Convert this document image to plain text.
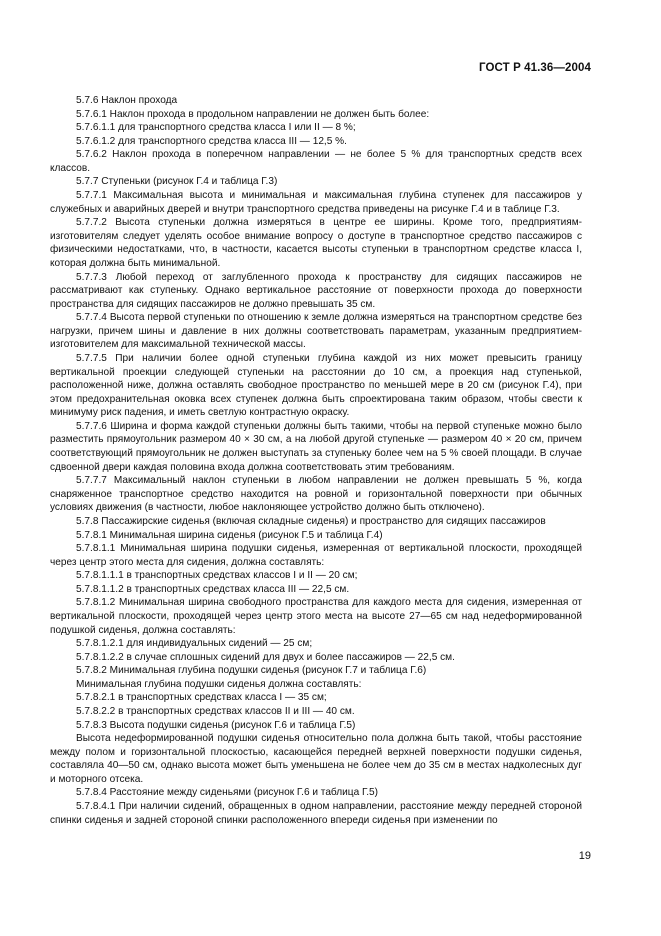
ГОСТ Р 41.36—2004

5.7.6 Наклон прохода

5.7.6.1 Наклон прохода в продольном направлении не должен быть более:

5.7.6.1.1 для транспортного средства класса I или II — 8 %;

5.7.6.1.2 для транспортного средства класса III — 12,5 %.

5.7.6.2 Наклон прохода в поперечном направлении — не более 5 % для транспортных средств всех классов.

5.7.7 Ступеньки (рисунок Г.4 и таблица Г.3)

5.7.7.1 Максимальная высота и минимальная и максимальная глубина ступенек для пассажиров у служебных и аварийных дверей и внутри транспортного средства приведены на рисунке Г.4 и в таблице Г.3.

5.7.7.2 Высота ступеньки должна измеряться в центре ее ширины. Кроме того, предприятиям-изготовителям следует уделять особое внимание вопросу о доступе в транспортное средство пассажиров с физическими недостатками, что, в частности, касается высоты ступеньки в транспортном средстве класса I, которая должна быть минимальной.

5.7.7.3 Любой переход от заглубленного прохода к пространству для сидящих пассажиров не рассматривают как ступеньку. Однако вертикальное расстояние от поверхности прохода до поверхности пространства для сидящих пассажиров не должно превышать 35 см.

5.7.7.4 Высота первой ступеньки по отношению к земле должна измеряться на транспортном средстве без нагрузки, причем шины и давление в них должны соответствовать параметрам, указанным предприятием-изготовителем для максимальной технической массы.

5.7.7.5 При наличии более одной ступеньки глубина каждой из них может превысить границу вертикальной проекции следующей ступеньки на расстоянии до 10 см, а проекция над ступенькой, расположенной ниже, должна оставлять свободное пространство по меньшей мере в 20 см (рисунок Г.4), при этом предохранительная оковка всех ступенек должна быть спроектирована таким образом, чтобы свести к минимуму риск падения, и иметь светлую контрастную окраску.

5.7.7.6 Ширина и форма каждой ступеньки должны быть такими, чтобы на первой ступеньке можно было разместить прямоугольник размером 40 × 30 см, а на любой другой ступеньке — размером 40 × 20 см, причем соответствующий прямоугольник не должен выступать за ступеньку более чем на 5 % своей площади. В случае сдвоенной двери каждая половина входа должна соответствовать этим требованиям.

5.7.7.7 Максимальный наклон ступеньки в любом направлении не должен превышать 5 %, когда снаряженное транспортное средство находится на ровной и горизонтальной поверхности при обычных условиях движения (в частности, любое наклоняющее устройство должно быть отключено).

5.7.8 Пассажирские сиденья (включая складные сиденья) и пространство для сидящих пассажиров

5.7.8.1 Минимальная ширина сиденья (рисунок Г.5 и таблица Г.4)

5.7.8.1.1 Минимальная ширина подушки сиденья, измеренная от вертикальной плоскости, проходящей через центр этого места для сидения, должна составлять:

5.7.8.1.1.1 в транспортных средствах классов I и II — 20 см;

5.7.8.1.1.2 в транспортных средствах класса III — 22,5 см.

5.7.8.1.2 Минимальная ширина свободного пространства для каждого места для сидения, измеренная от вертикальной плоскости, проходящей через центр этого места на высоте 27—65 см над недеформированной подушкой сиденья, должна составлять:

5.7.8.1.2.1 для индивидуальных сидений — 25 см;

5.7.8.1.2.2 в случае сплошных сидений для двух и более пассажиров — 22,5 см.

5.7.8.2 Минимальная глубина подушки сиденья (рисунок Г.7 и таблица Г.6)

Минимальная глубина подушки сиденья должна составлять:

5.7.8.2.1 в транспортных средствах класса I — 35 см;

5.7.8.2.2 в транспортных средствах классов II и III — 40 см.

5.7.8.3 Высота подушки сиденья (рисунок Г.6 и таблица Г.5)

Высота недеформированной подушки сиденья относительно пола должна быть такой, чтобы расстояние между полом и горизонтальной плоскостью, касающейся передней верхней поверхности подушки сиденья, составляла 40—50 см, однако высота может быть уменьшена не более чем до 35 см в местах надколесных дуг и моторного отсека.

5.7.8.4 Расстояние между сиденьями (рисунок Г.6 и таблица Г.5)

5.7.8.4.1 При наличии сидений, обращенных в одном направлении, расстояние между передней стороной спинки сиденья и задней стороной спинки расположенного впереди сиденья при изменении по

19
